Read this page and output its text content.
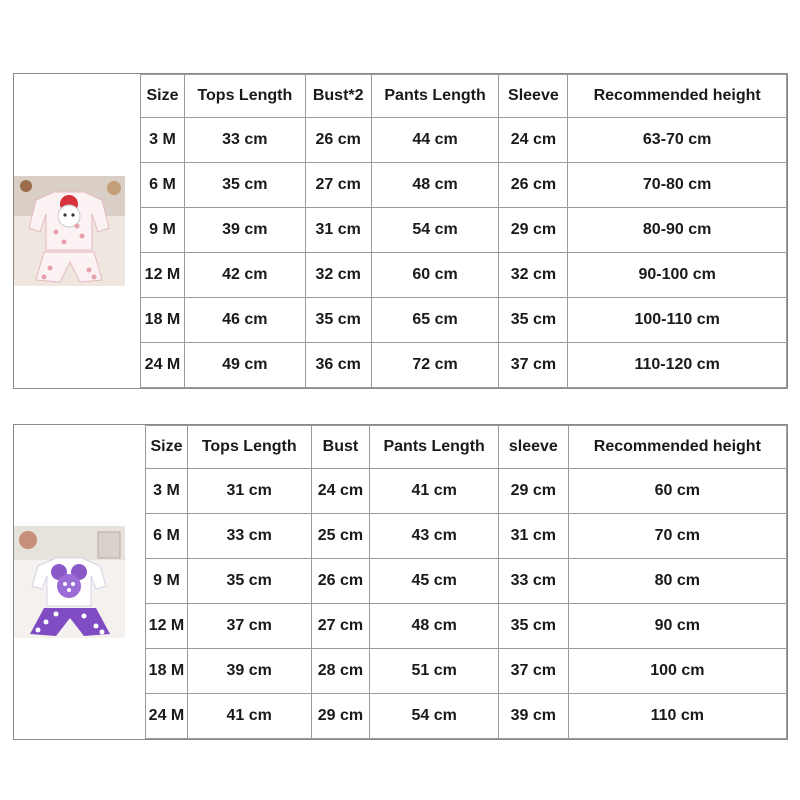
Size	Tops Length	Bust*2	Pants Length	Sleeve	Recommended height
3 M	33 cm	26 cm	44 cm	24 cm	63-70 cm
6 M	35 cm	27 cm	48 cm	26 cm	70-80 cm
9 M	39 cm	31 cm	54 cm	29 cm	80-90 cm
12 M	42 cm	32 cm	60 cm	32 cm	90-100 cm
18 M	46 cm	35 cm	65 cm	35 cm	100-110 cm
24 M	49 cm	36 cm	72 cm	37 cm	110-120 cm
Size	Tops Length	Bust	Pants Length	sleeve	Recommended height
3 M	31 cm	24 cm	41 cm	29 cm	60 cm
6 M	33 cm	25 cm	43 cm	31 cm	70 cm
9 M	35 cm	26 cm	45 cm	33 cm	80 cm
12 M	37 cm	27 cm	48 cm	35 cm	90 cm
18 M	39 cm	28 cm	51 cm	37 cm	100 cm
24 M	41 cm	29 cm	54 cm	39 cm	110 cm
